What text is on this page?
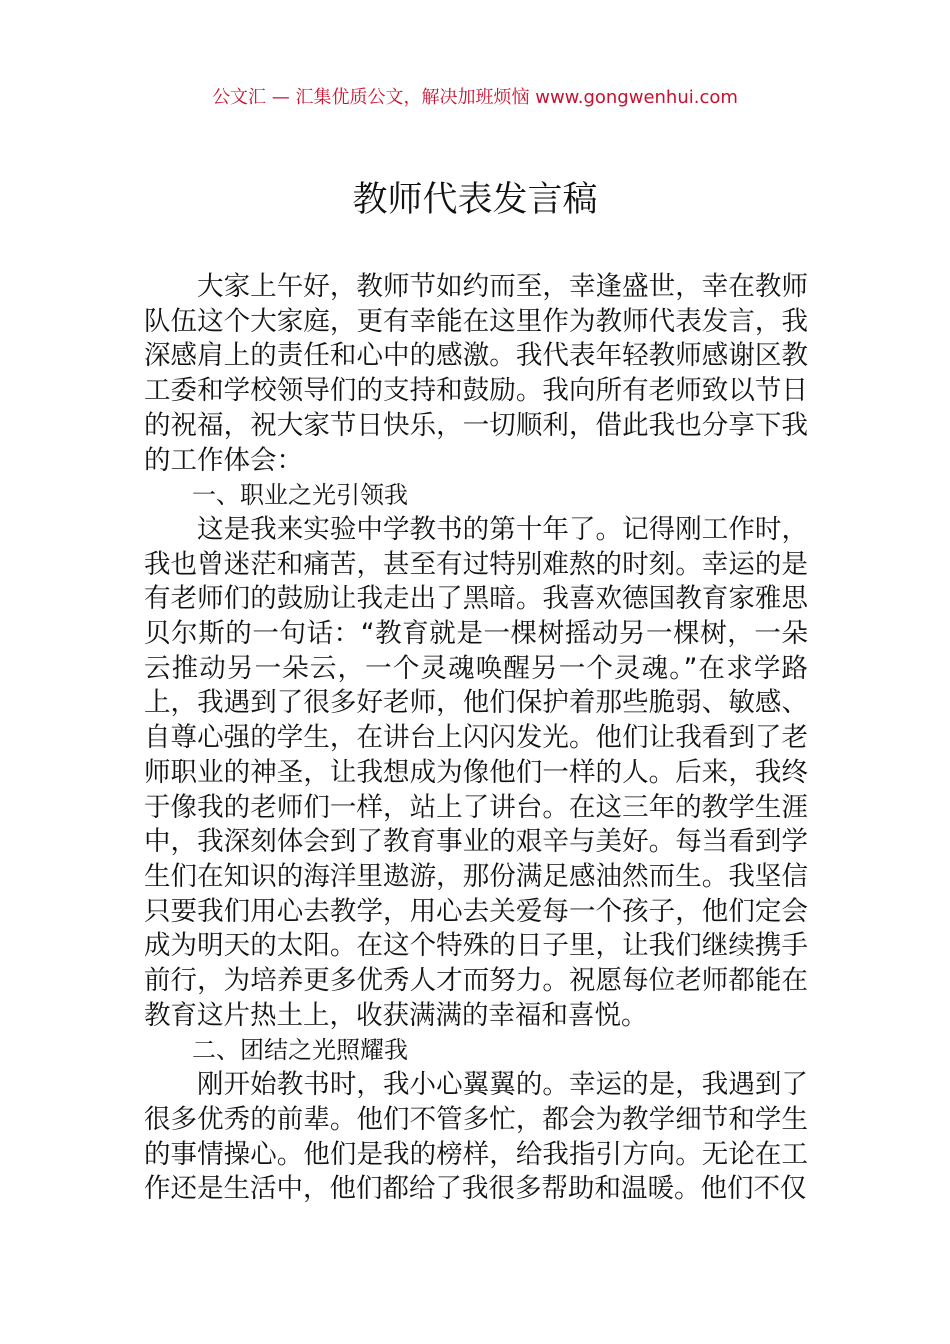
公文汇 — 汇集优质公文，解决加班烦恼 www.gongwenhui.com
教师代表发言稿

大家上午好，教师节如约而至，幸逢盛世，幸在教师队伍这个大家庭，更有幸能在这里作为教师代表发言，我深感肩上的责任和心中的感激。我代表年轻教师感谢区教工委和学校领导们的支持和鼓励。我向所有老师致以节日的祝福，祝大家节日快乐，一切顺利，借此我也分享下我的工作体会：

一、职业之光引领我

这是我来实验中学教书的第十年了。记得刚工作时，我也曾迷茫和痛苦，甚至有过特别难熬的时刻。幸运的是有老师们的鼓励让我走出了黑暗。我喜欢德国教育家雅思贝尔斯的一句话：“教育就是一棵树摇动另一棵树，一朵云推动另一朵云，一个灵魂唤醒另一个灵魂。”在求学路上，我遇到了很多好老师，他们保护着那些脆弱、敏感、自尊心强的学生，在讲台上闪闪发光。他们让我看到了老师职业的神圣，让我想成为像他们一样的人。后来，我终于像我的老师们一样，站上了讲台。在这三年的教学生涯中，我深刻体会到了教育事业的艰辛与美好。每当看到学生们在知识的海洋里遨游，那份满足感油然而生。我坚信只要我们用心去教学，用心去关爱每一个孩子，他们定会成为明天的太阳。在这个特殊的日子里，让我们继续携手前行，为培养更多优秀人才而努力。祝愿每位老师都能在教育这片热土上，收获满满的幸福和喜悦。

二、团结之光照耀我

刚开始教书时，我小心翼翼的。幸运的是，我遇到了很多优秀的前辈。他们不管多忙，都会为教学细节和学生的事情操心。他们是我的榜样，给我指引方向。无论在工作还是生活中，他们都给了我很多帮助和温暖。他们不仅
